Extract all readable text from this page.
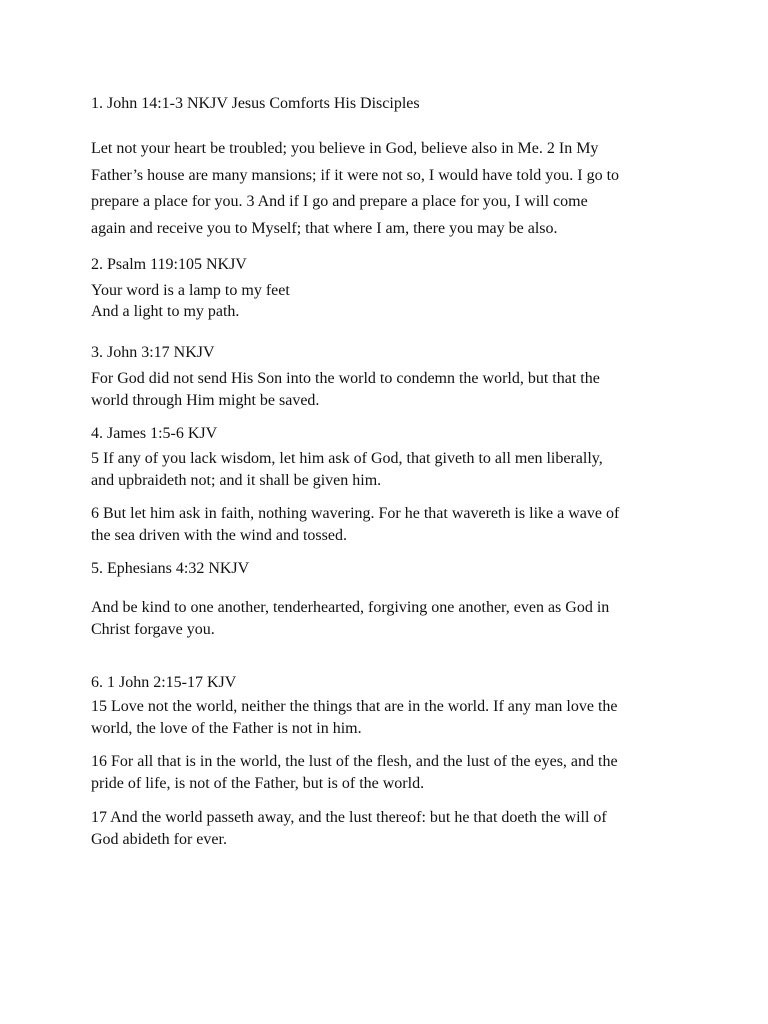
1. John 14:1-3 NKJV Jesus Comforts His Disciples
Let not your heart be troubled; you believe in God, believe also in Me. 2 In My
Father’s house are many mansions; if it were not so, I would have told you. I go to
prepare a place for you. 3 And if I go and prepare a place for you, I will come
again and receive you to Myself; that where I am, there you may be also.
2. Psalm 119:105 NKJV
Your word is a lamp to my feet
And a light to my path.
3. John 3:17 NKJV
For God did not send His Son into the world to condemn the world, but that the
world through Him might be saved.
4. James 1:5-6 KJV
5 If any of you lack wisdom, let him ask of God, that giveth to all men liberally,
and upbraideth not; and it shall be given him.
6 But let him ask in faith, nothing wavering. For he that wavereth is like a wave of
the sea driven with the wind and tossed.
5. Ephesians 4:32 NKJV
And be kind to one another, tenderhearted, forgiving one another, even as God in
Christ forgave you.
6. 1 John 2:15-17 KJV
15 Love not the world, neither the things that are in the world. If any man love the
world, the love of the Father is not in him.
16 For all that is in the world, the lust of the flesh, and the lust of the eyes, and the
pride of life, is not of the Father, but is of the world.
17 And the world passeth away, and the lust thereof: but he that doeth the will of
God abideth for ever.
